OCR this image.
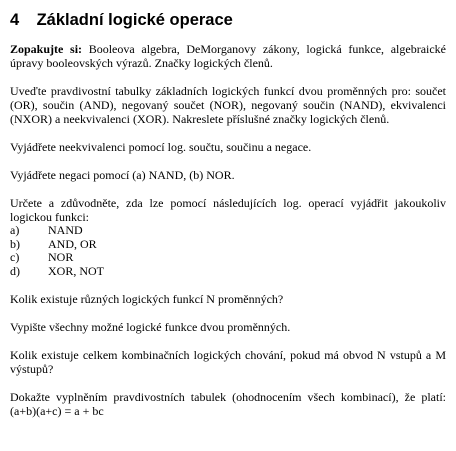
4 Základní logické operace

Zopakujte si: Booleova algebra, DeMorganovy zákony, logická funkce, algebraické úpravy booleovských výrazů. Značky logických členů.

Uveďte pravdivostní tabulky základních logických funkcí dvou proměnných pro: součet (OR), součin (AND), negovaný součet (NOR), negovaný součin (NAND), ekvivalenci (NXOR) a neekvivalenci (XOR). Nakreslete příslušné značky logických členů.

Vyjádřete neekvivalenci pomocí log. součtu, součinu a negace.

Vyjádřete negaci pomocí (a) NAND, (b) NOR.

Určete a zdůvodněte, zda lze pomocí následujících log. operací vyjádřit jakoukoliv logickou funkci:

a)	NAND
b)	AND, OR
c)	NOR
d)	XOR, NOT

Kolik existuje různých logických funkcí N proměnných?

Vypište všechny možné logické funkce dvou proměnných.

Kolik existuje celkem kombinačních logických chování, pokud má obvod N vstupů a M výstupů?

Dokažte vyplněním pravdivostních tabulek (ohodnocením všech kombinací), že platí: (a+b)(a+c) = a + bc
